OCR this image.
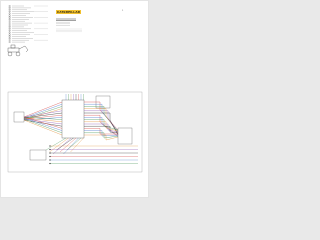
CATERPILLAR	1
